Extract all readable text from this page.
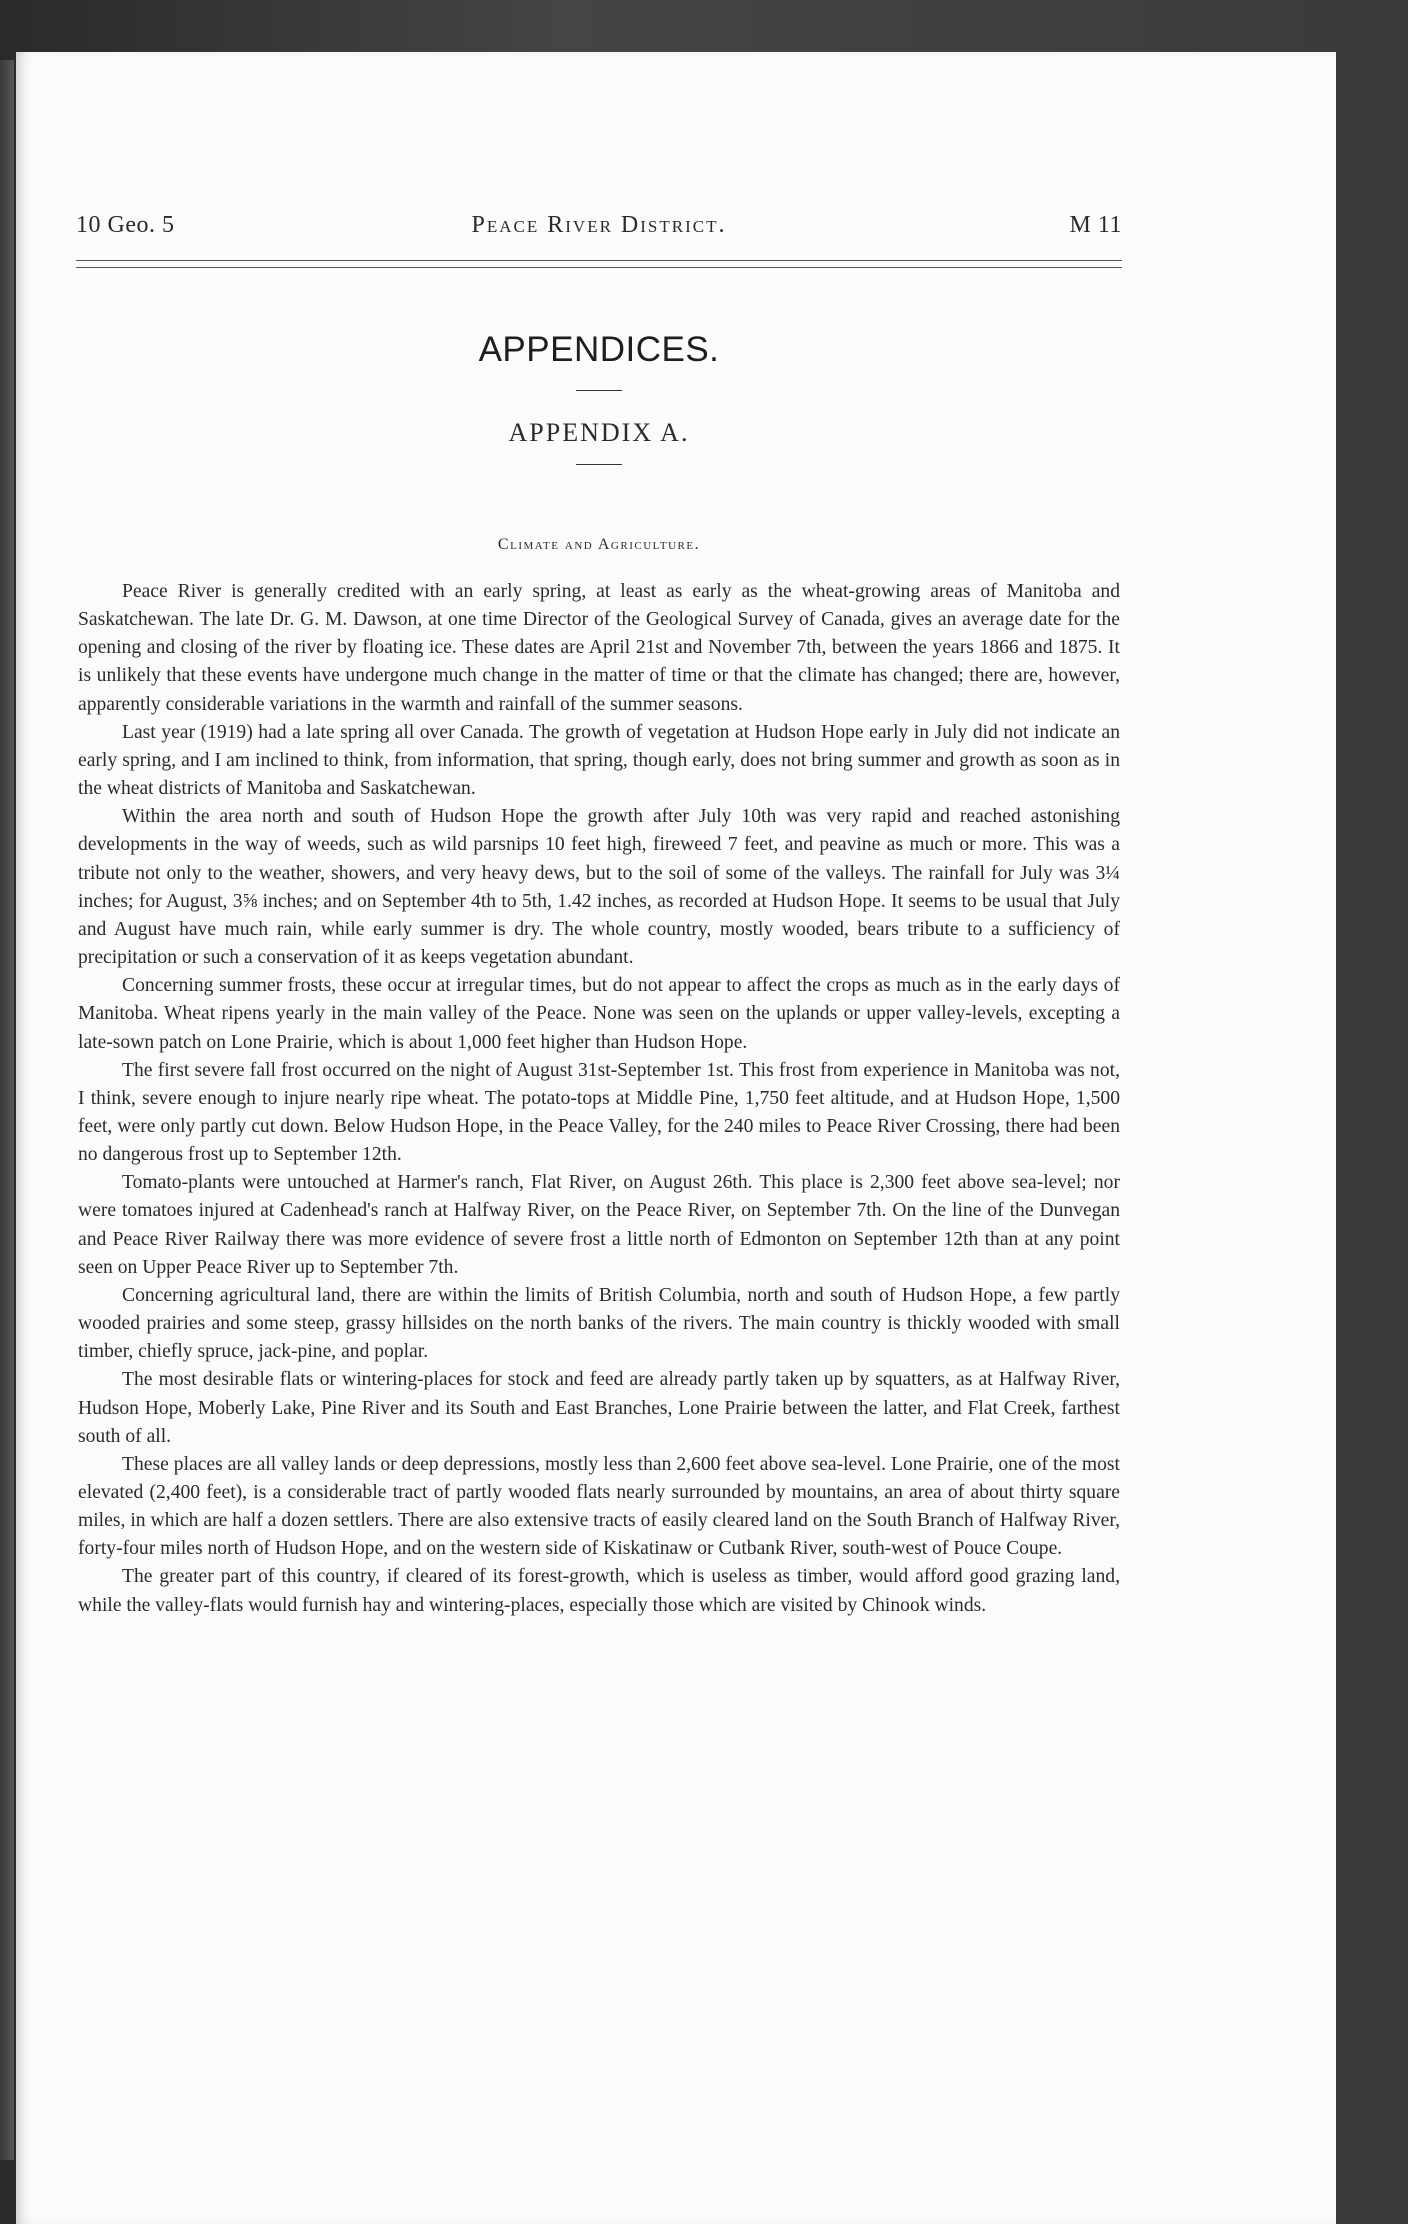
10 Geo. 5	Peace River District.	M 11
APPENDICES.
APPENDIX A.
Climate and Agriculture.

Peace River is generally credited with an early spring, at least as early as the wheat-growing areas of Manitoba and Saskatchewan. The late Dr. G. M. Dawson, at one time Director of the Geological Survey of Canada, gives an average date for the opening and closing of the river by floating ice. These dates are April 21st and November 7th, between the years 1866 and 1875. It is unlikely that these events have undergone much change in the matter of time or that the climate has changed; there are, however, apparently considerable variations in the warmth and rainfall of the summer seasons.

Last year (1919) had a late spring all over Canada. The growth of vegetation at Hudson Hope early in July did not indicate an early spring, and I am inclined to think, from information, that spring, though early, does not bring summer and growth as soon as in the wheat districts of Manitoba and Saskatchewan.

Within the area north and south of Hudson Hope the growth after July 10th was very rapid and reached astonishing developments in the way of weeds, such as wild parsnips 10 feet high, fireweed 7 feet, and peavine as much or more. This was a tribute not only to the weather, showers, and very heavy dews, but to the soil of some of the valleys. The rainfall for July was 3¼ inches; for August, 3⅝ inches; and on September 4th to 5th, 1.42 inches, as recorded at Hudson Hope. It seems to be usual that July and August have much rain, while early summer is dry. The whole country, mostly wooded, bears tribute to a sufficiency of precipitation or such a conservation of it as keeps vegetation abundant.

Concerning summer frosts, these occur at irregular times, but do not appear to affect the crops as much as in the early days of Manitoba. Wheat ripens yearly in the main valley of the Peace. None was seen on the uplands or upper valley-levels, excepting a late-sown patch on Lone Prairie, which is about 1,000 feet higher than Hudson Hope.

The first severe fall frost occurred on the night of August 31st-September 1st. This frost from experience in Manitoba was not, I think, severe enough to injure nearly ripe wheat. The potato-tops at Middle Pine, 1,750 feet altitude, and at Hudson Hope, 1,500 feet, were only partly cut down. Below Hudson Hope, in the Peace Valley, for the 240 miles to Peace River Crossing, there had been no dangerous frost up to September 12th.

Tomato-plants were untouched at Harmer's ranch, Flat River, on August 26th. This place is 2,300 feet above sea-level; nor were tomatoes injured at Cadenhead's ranch at Halfway River, on the Peace River, on September 7th. On the line of the Dunvegan and Peace River Railway there was more evidence of severe frost a little north of Edmonton on September 12th than at any point seen on Upper Peace River up to September 7th.

Concerning agricultural land, there are within the limits of British Columbia, north and south of Hudson Hope, a few partly wooded prairies and some steep, grassy hillsides on the north banks of the rivers. The main country is thickly wooded with small timber, chiefly spruce, jack-pine, and poplar.

The most desirable flats or wintering-places for stock and feed are already partly taken up by squatters, as at Halfway River, Hudson Hope, Moberly Lake, Pine River and its South and East Branches, Lone Prairie between the latter, and Flat Creek, farthest south of all.

These places are all valley lands or deep depressions, mostly less than 2,600 feet above sea-level. Lone Prairie, one of the most elevated (2,400 feet), is a considerable tract of partly wooded flats nearly surrounded by mountains, an area of about thirty square miles, in which are half a dozen settlers. There are also extensive tracts of easily cleared land on the South Branch of Halfway River, forty-four miles north of Hudson Hope, and on the western side of Kiskatinaw or Cutbank River, south-west of Pouce Coupe.

The greater part of this country, if cleared of its forest-growth, which is useless as timber, would afford good grazing land, while the valley-flats would furnish hay and wintering-places, especially those which are visited by Chinook winds.
